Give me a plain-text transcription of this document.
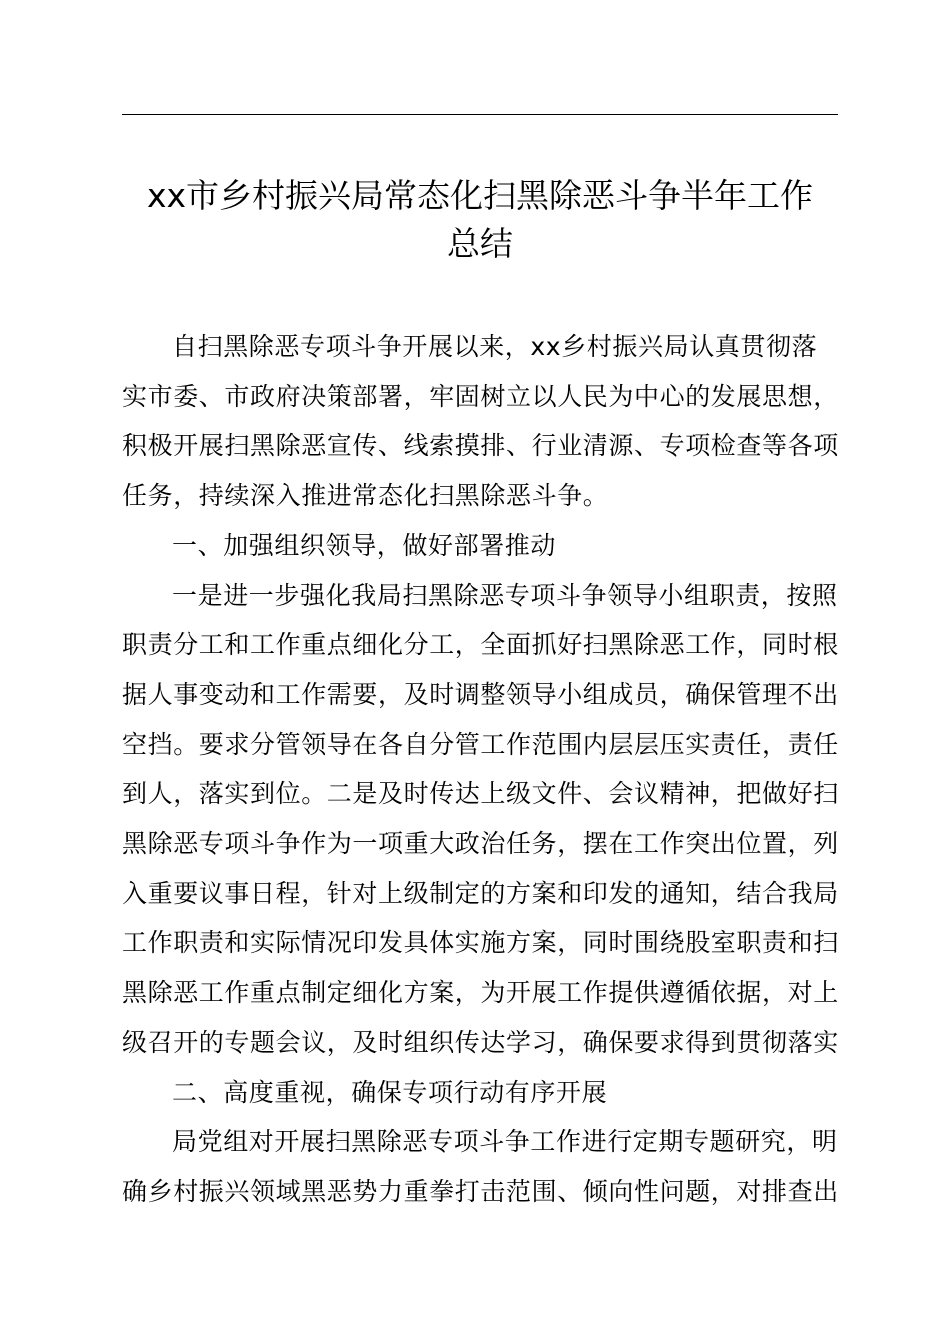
xx市乡村振兴局常态化扫黑除恶斗争半年工作
总结

自扫黑除恶专项斗争开展以来，xx乡村振兴局认真贯彻落
实市委、市政府决策部署，牢固树立以人民为中心的发展思想，
积极开展扫黑除恶宣传、线索摸排、行业清源、专项检查等各项
任务，持续深入推进常态化扫黑除恶斗争。

一、加强组织领导，做好部署推动

一是进一步强化我局扫黑除恶专项斗争领导小组职责，按照
职责分工和工作重点细化分工，全面抓好扫黑除恶工作，同时根
据人事变动和工作需要，及时调整领导小组成员，确保管理不出
空挡。要求分管领导在各自分管工作范围内层层压实责任，责任
到人，落实到位。二是及时传达上级文件、会议精神，把做好扫
黑除恶专项斗争作为一项重大政治任务，摆在工作突出位置，列
入重要议事日程，针对上级制定的方案和印发的通知，结合我局
工作职责和实际情况印发具体实施方案，同时围绕股室职责和扫
黑除恶工作重点制定细化方案，为开展工作提供遵循依据，对上
级召开的专题会议，及时组织传达学习，确保要求得到贯彻落实

二、高度重视，确保专项行动有序开展

局党组对开展扫黑除恶专项斗争工作进行定期专题研究，明
确乡村振兴领域黑恶势力重拳打击范围、倾向性问题，对排查出
